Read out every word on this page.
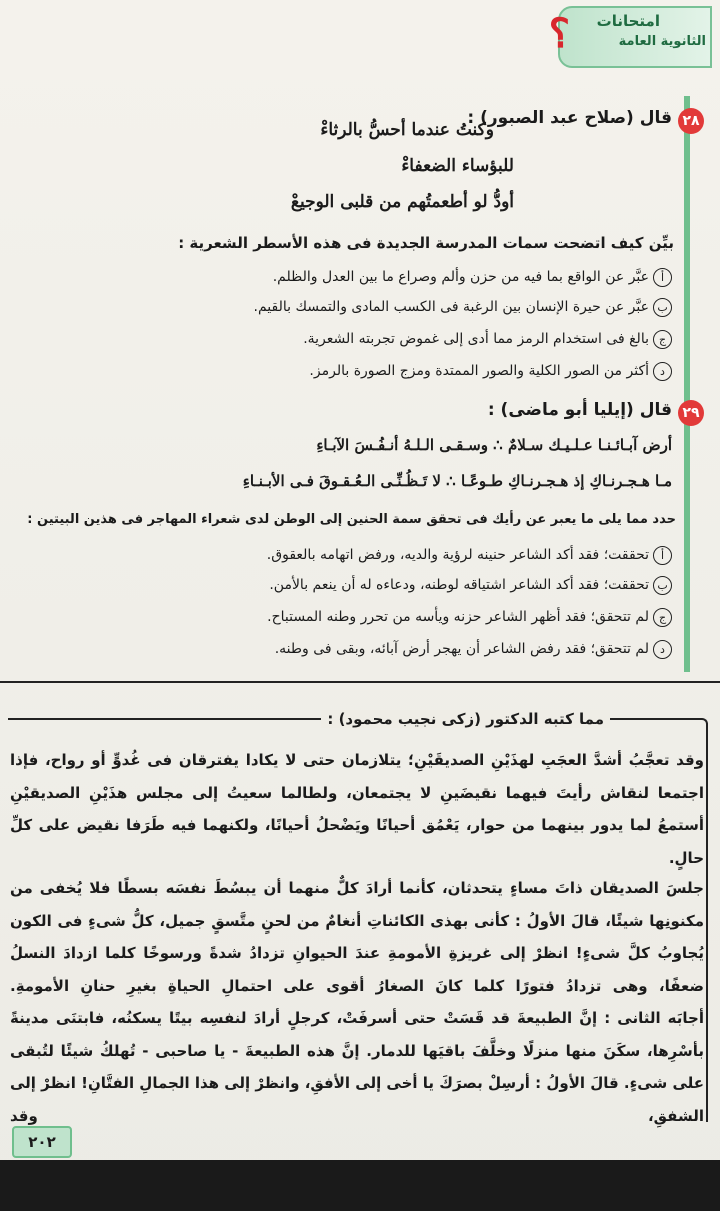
امتحانات
الثانوية العامة
؟
٢٨
قال (صلاح عبد الصبور) :
وكنتُ عندما أحسُّ بالرثاءْ
للبؤساء الضعفاءْ
أودُّ لو أطعمتُهم من قلبى الوجيعْ
بيِّن كيف اتضحت سمات المدرسة الجديدة فى هذه الأسطر الشعرية :
أعبَّر عن الواقع بما فيه من حزن وألم وصراع ما بين العدل والظلم.
بعبَّر عن حيرة الإنسان بين الرغبة فى الكسب المادى والتمسك بالقيم.
جبالغ فى استخدام الرمز مما أدى إلى غموض تجربته الشعرية.
دأكثر من الصور الكلية والصور الممتدة ومزج الصورة بالرمز.
٢٩
قال (إيليا أبو ماضى) :
أرض آبـائـنـا عـلـيـك سـلامٌ ∴ وسـقـى الـلـهُ أنـفُـسَ الآبـاءِ
مـا هـجـرنـاكِ إذ هـجـرنـاكِ طـوعًـا ∴ لا تَـظُـنِّـى الـعُـقـوقَ فـى الأبـنـاءِ
حدد مما يلى ما يعبر عن رأيك فى تحقق سمة الحنين إلى الوطن لدى شعراء المهاجر فى هذين البيتين :
أتحققت؛ فقد أكد الشاعر حنينه لرؤية والديه، ورفض اتهامه بالعقوق.
بتحققت؛ فقد أكد الشاعر اشتياقه لوطنه، ودعاءه له أن ينعم بالأمن.
جلم تتحقق؛ فقد أظهر الشاعر حزنه ويأسه من تحرر وطنه المستباح.
دلم تتحقق؛ فقد رفض الشاعر أن يهجر أرض آبائه، وبقى فى وطنه.
مما كتبه الدكتور (زكى نجيب محمود) :
وقد تعجَّبُ أشدَّ العجَبِ لهذَيْنِ الصديقَيْنِ؛ يتلازمان حتى لا يكادا يفترقان فى غُدوٍّ أو رواح، فإذا اجتمعا لنقاش رأيتَ فيهما نقيضَينِ لا يجتمعان، ولطالما سعيتُ إلى مجلس هذَيْنِ الصديقيْنِ أستمعُ لما يدور بينهما من حوار، يَعْمُق أحيانًا ويَضْحلُ أحيانًا، ولكنهما فيه طَرَفا نقيض على كلِّ حالٍ.
جلسَ الصديقان ذاتَ مساءٍ يتحدثان، كأنما أرادَ كلٌّ منهما أن يبسُطَ نفسَه بسطًا فلا يُخفى من مكنونِها شيئًا، قالَ الأولُ : كأنى بهذى الكائناتِ أنغامٌ من لحنٍ متَّسقٍ جميل، كلُّ شىءٍ فى الكون يُجاوبُ كلَّ شىءٍ! انظرْ إلى غريزةِ الأمومةِ عندَ الحيوانِ تزدادُ شدةً ورسوخًا كلما ازدادَ النسلُ ضعفًا، وهى تزدادُ فتورًا كلما كانَ الصغارُ أقوى على احتمالِ الحياةِ بغيرِ حنانِ الأمومةِ.
أجابَه الثانى : إنَّ الطبيعةَ قد قَسَتْ حتى أسرفَتْ، كرجلٍ أرادَ لنفسِه بيتًا يسكنُه، فابتنَى مدينةً بأسْرِها، سكَنَ منها منزلًا وخلَّفَ باقيَها للدمار. إنَّ هذه الطبيعةَ - يا صاحبى - تُهلكُ شيئًا لتُبقى على شىءٍ. قالَ الأولُ : أرسِلْ بصرَكَ يا أخى إلى الأفقِ، وانظرْ إلى هذا الجمالِ الفتَّانِ! انظرْ إلى الشفقِ، وقد
٢٠٢
